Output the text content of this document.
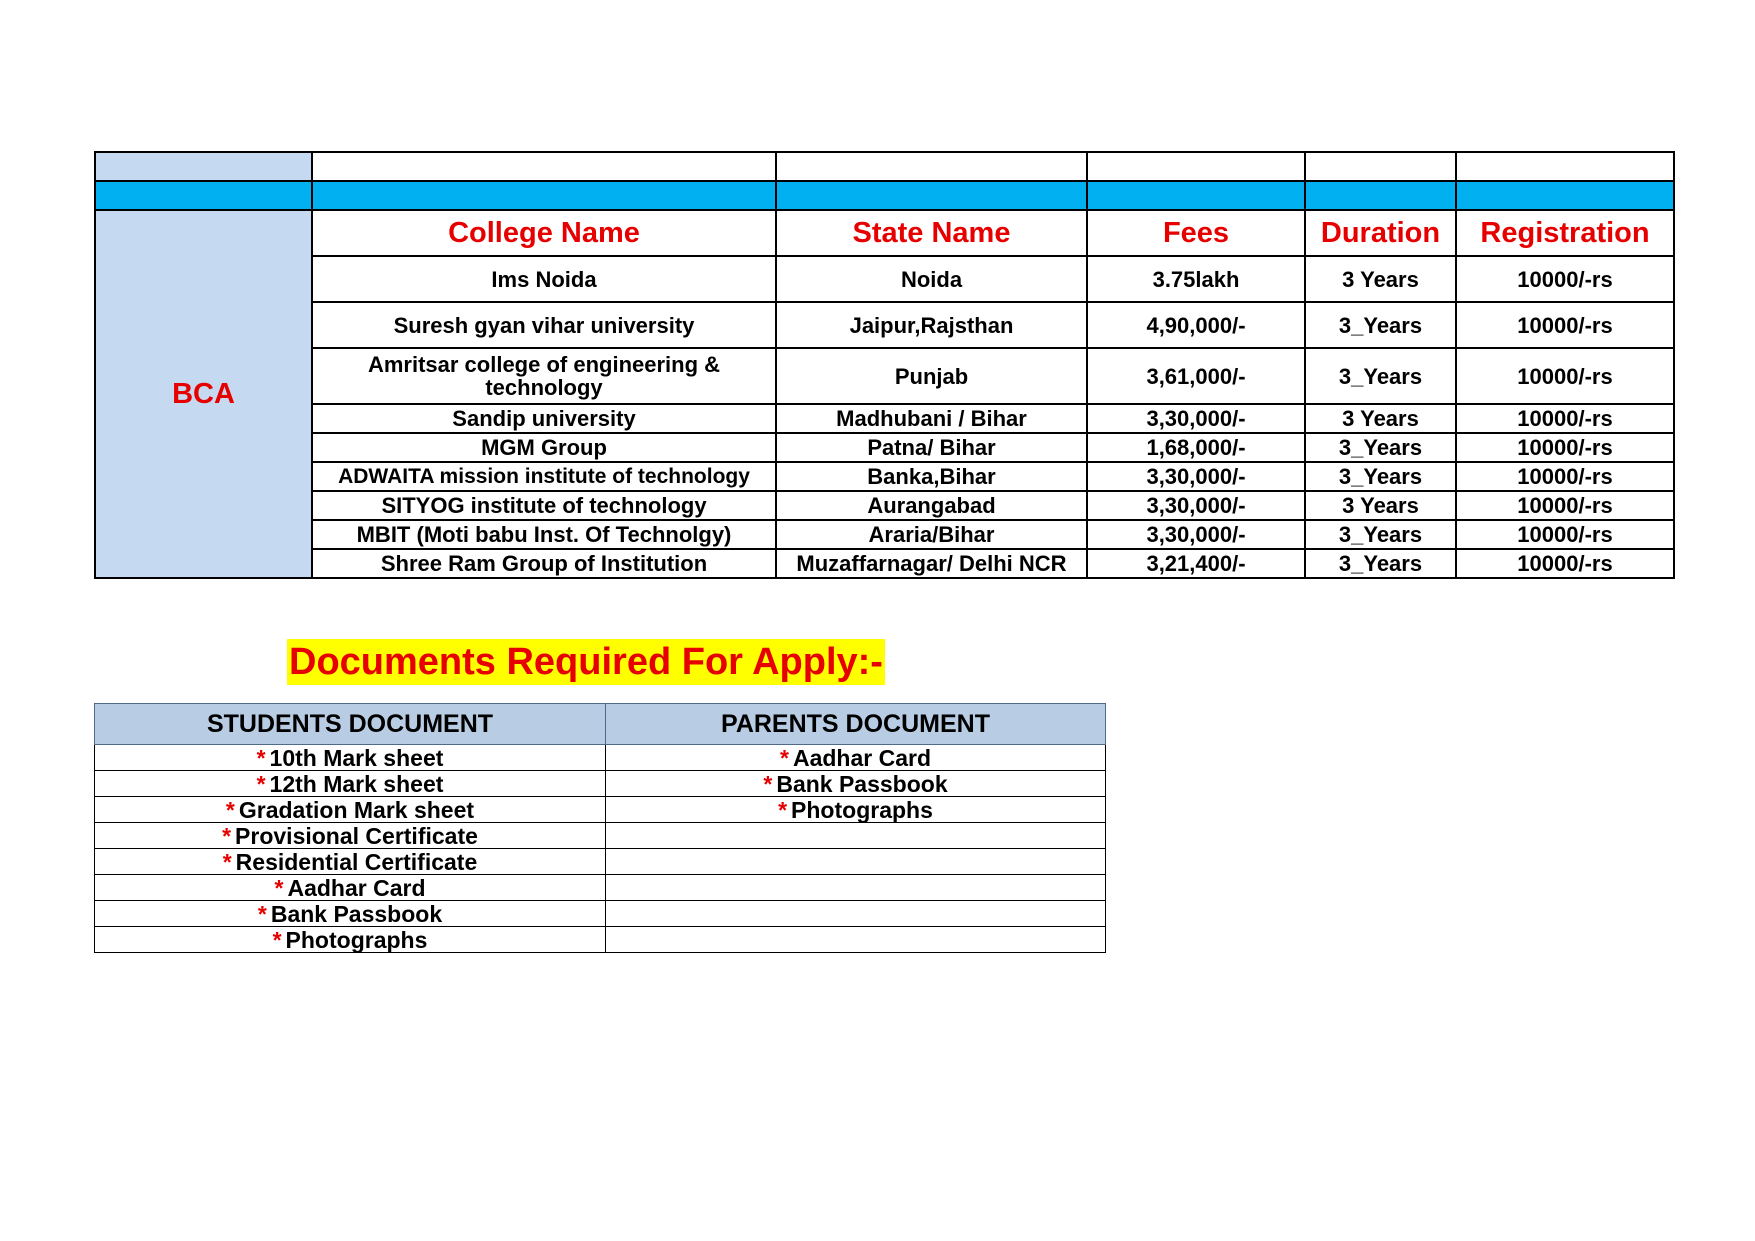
BCA	College Name	State Name	Fees	Duration	Registration
	Ims Noida	Noida	3.75lakh	3 Years	10000/-rs
	Suresh gyan vihar university	Jaipur,Rajsthan	4,90,000/-	3_Years	10000/-rs
	Amritsar college of engineering & technology	Punjab	3,61,000/-	3_Years	10000/-rs
	Sandip university	Madhubani / Bihar	3,30,000/-	3 Years	10000/-rs
	MGM Group	Patna/ Bihar	1,68,000/-	3_Years	10000/-rs
	ADWAITA mission institute of technology	Banka,Bihar	3,30,000/-	3_Years	10000/-rs
	SITYOG institute of technology	Aurangabad	3,30,000/-	3 Years	10000/-rs
	MBIT (Moti babu Inst. Of Technolgy)	Araria/Bihar	3,30,000/-	3_Years	10000/-rs
	Shree Ram Group of Institution	Muzaffarnagar/ Delhi NCR	3,21,400/-	3_Years	10000/-rs
Documents Required For Apply:-
STUDENTS DOCUMENT	PARENTS DOCUMENT
* 10th Mark sheet	* Aadhar Card
* 12th Mark sheet	* Bank Passbook
* Gradation Mark sheet	* Photographs
* Provisional Certificate	
* Residential Certificate	
* Aadhar Card	
* Bank Passbook	
* Photographs	
